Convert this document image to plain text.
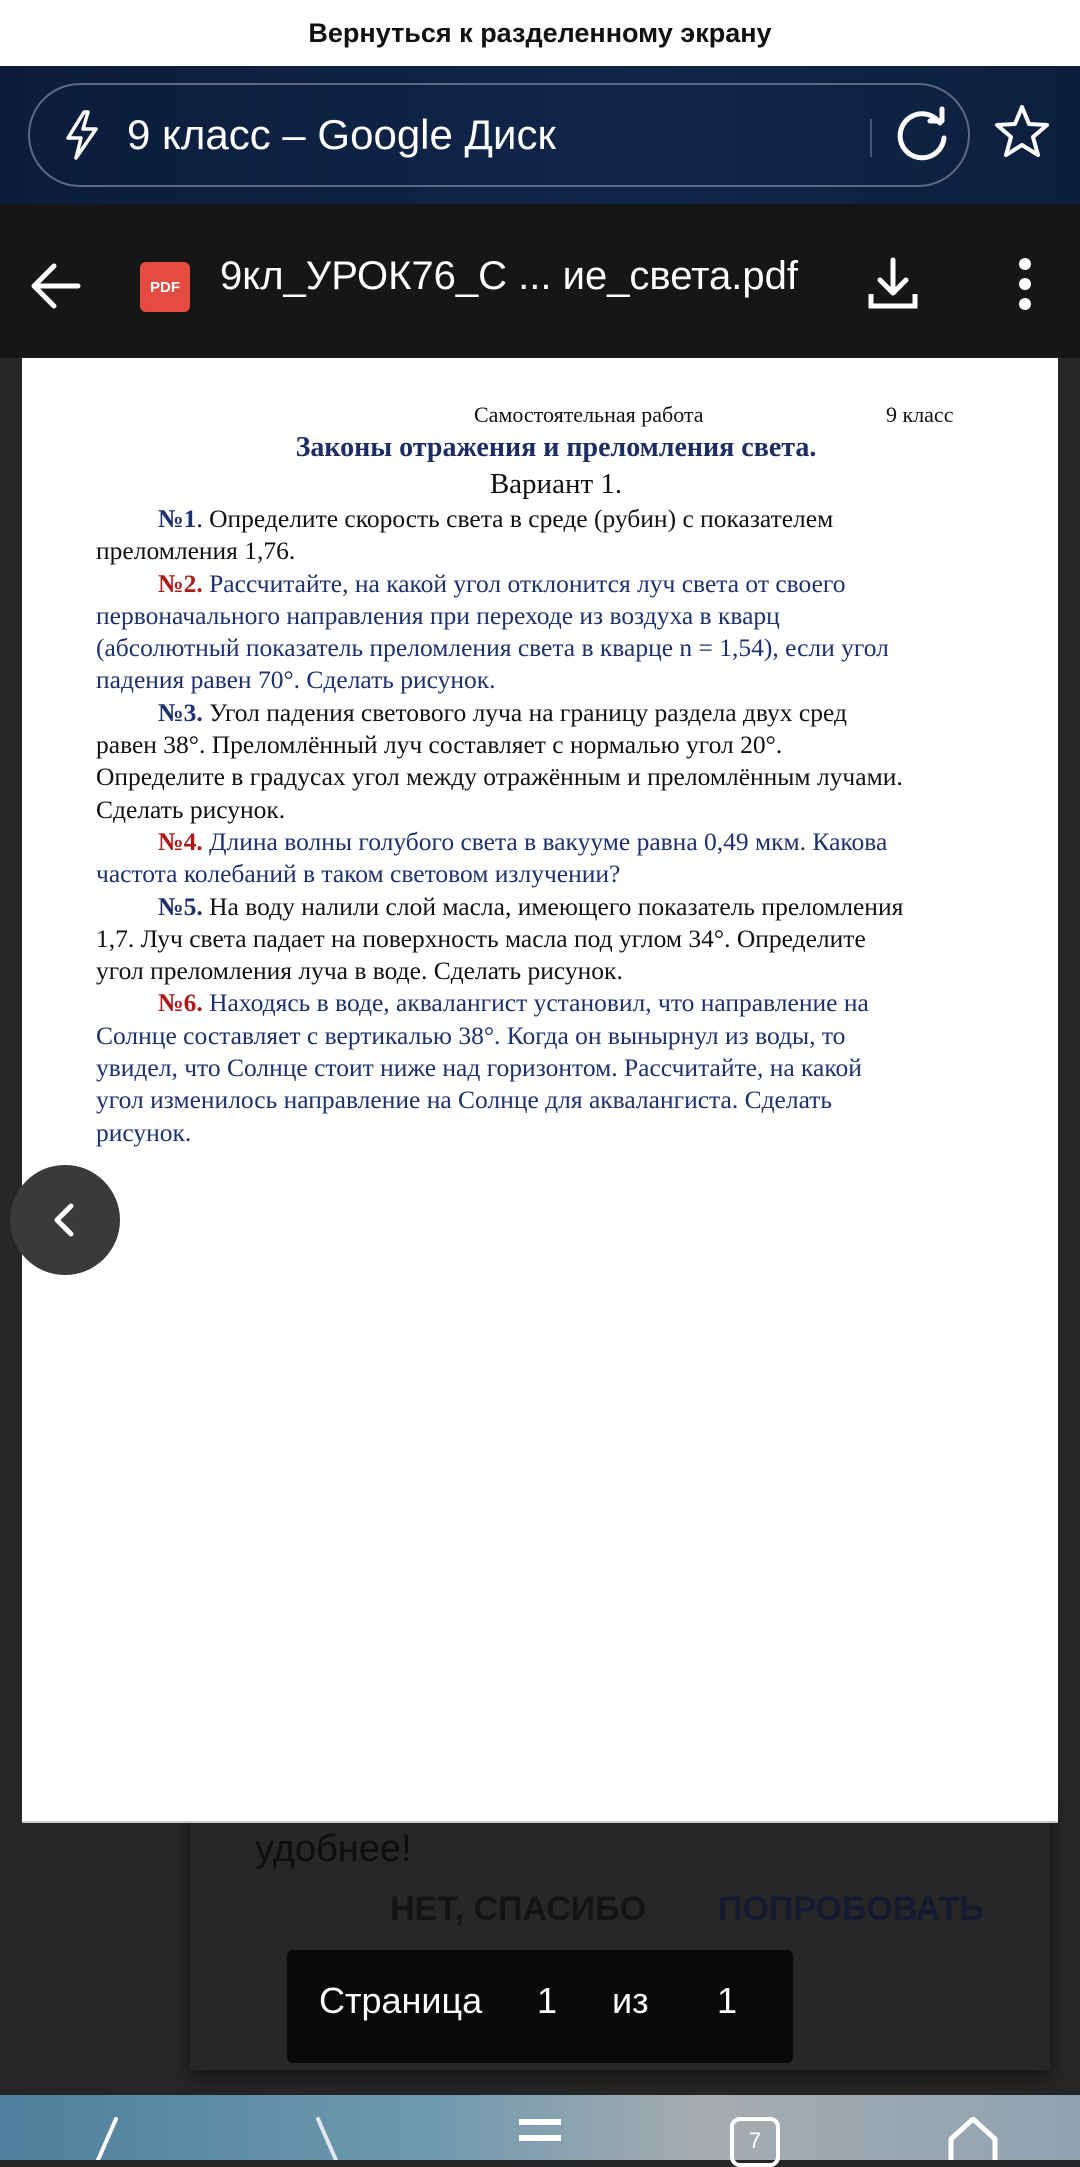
Вернуться к разделенному экрану
9 класс – Google Диск
PDF 9кл_УРОК76_С ... ие_света.pdf
удобнее!
НЕТ, СПАСИБО ПОПРОБОВАТЬ
Самостоятельная работа	9 класс
Законы отражения и преломления света.
Вариант 1.
№1. Определите скорость света в среде (рубин) с показателем
преломления 1,76.
№2. Рассчитайте, на какой угол отклонится луч света от своего
первоначального направления при переходе из воздуха в кварц
(абсолютный показатель преломления света в кварце n = 1,54), если угол
падения равен 70°. Сделать рисунок.
№3. Угол падения светового луча на границу раздела двух сред
равен 38°. Преломлённый луч составляет с нормалью угол 20°.
Определите в градусах угол между отражённым и преломлённым лучами.
Сделать рисунок.
№4. Длина волны голубого света в вакууме равна 0,49 мкм. Какова
частота колебаний в таком световом излучении?
№5. На воду налили слой масла, имеющего показатель преломления
1,7. Луч света падает на поверхность масла под углом 34°. Определите
угол преломления луча в воде. Сделать рисунок.
№6. Находясь в воде, аквалангист установил, что направление на
Солнце составляет с вертикалью 38°. Когда он вынырнул из воды, то
увидел, что Солнце стоит ниже над горизонтом. Рассчитайте, на какой
угол изменилось направление на Солнце для аквалангиста. Сделать
рисунок.
Страница 1 из 1
7
